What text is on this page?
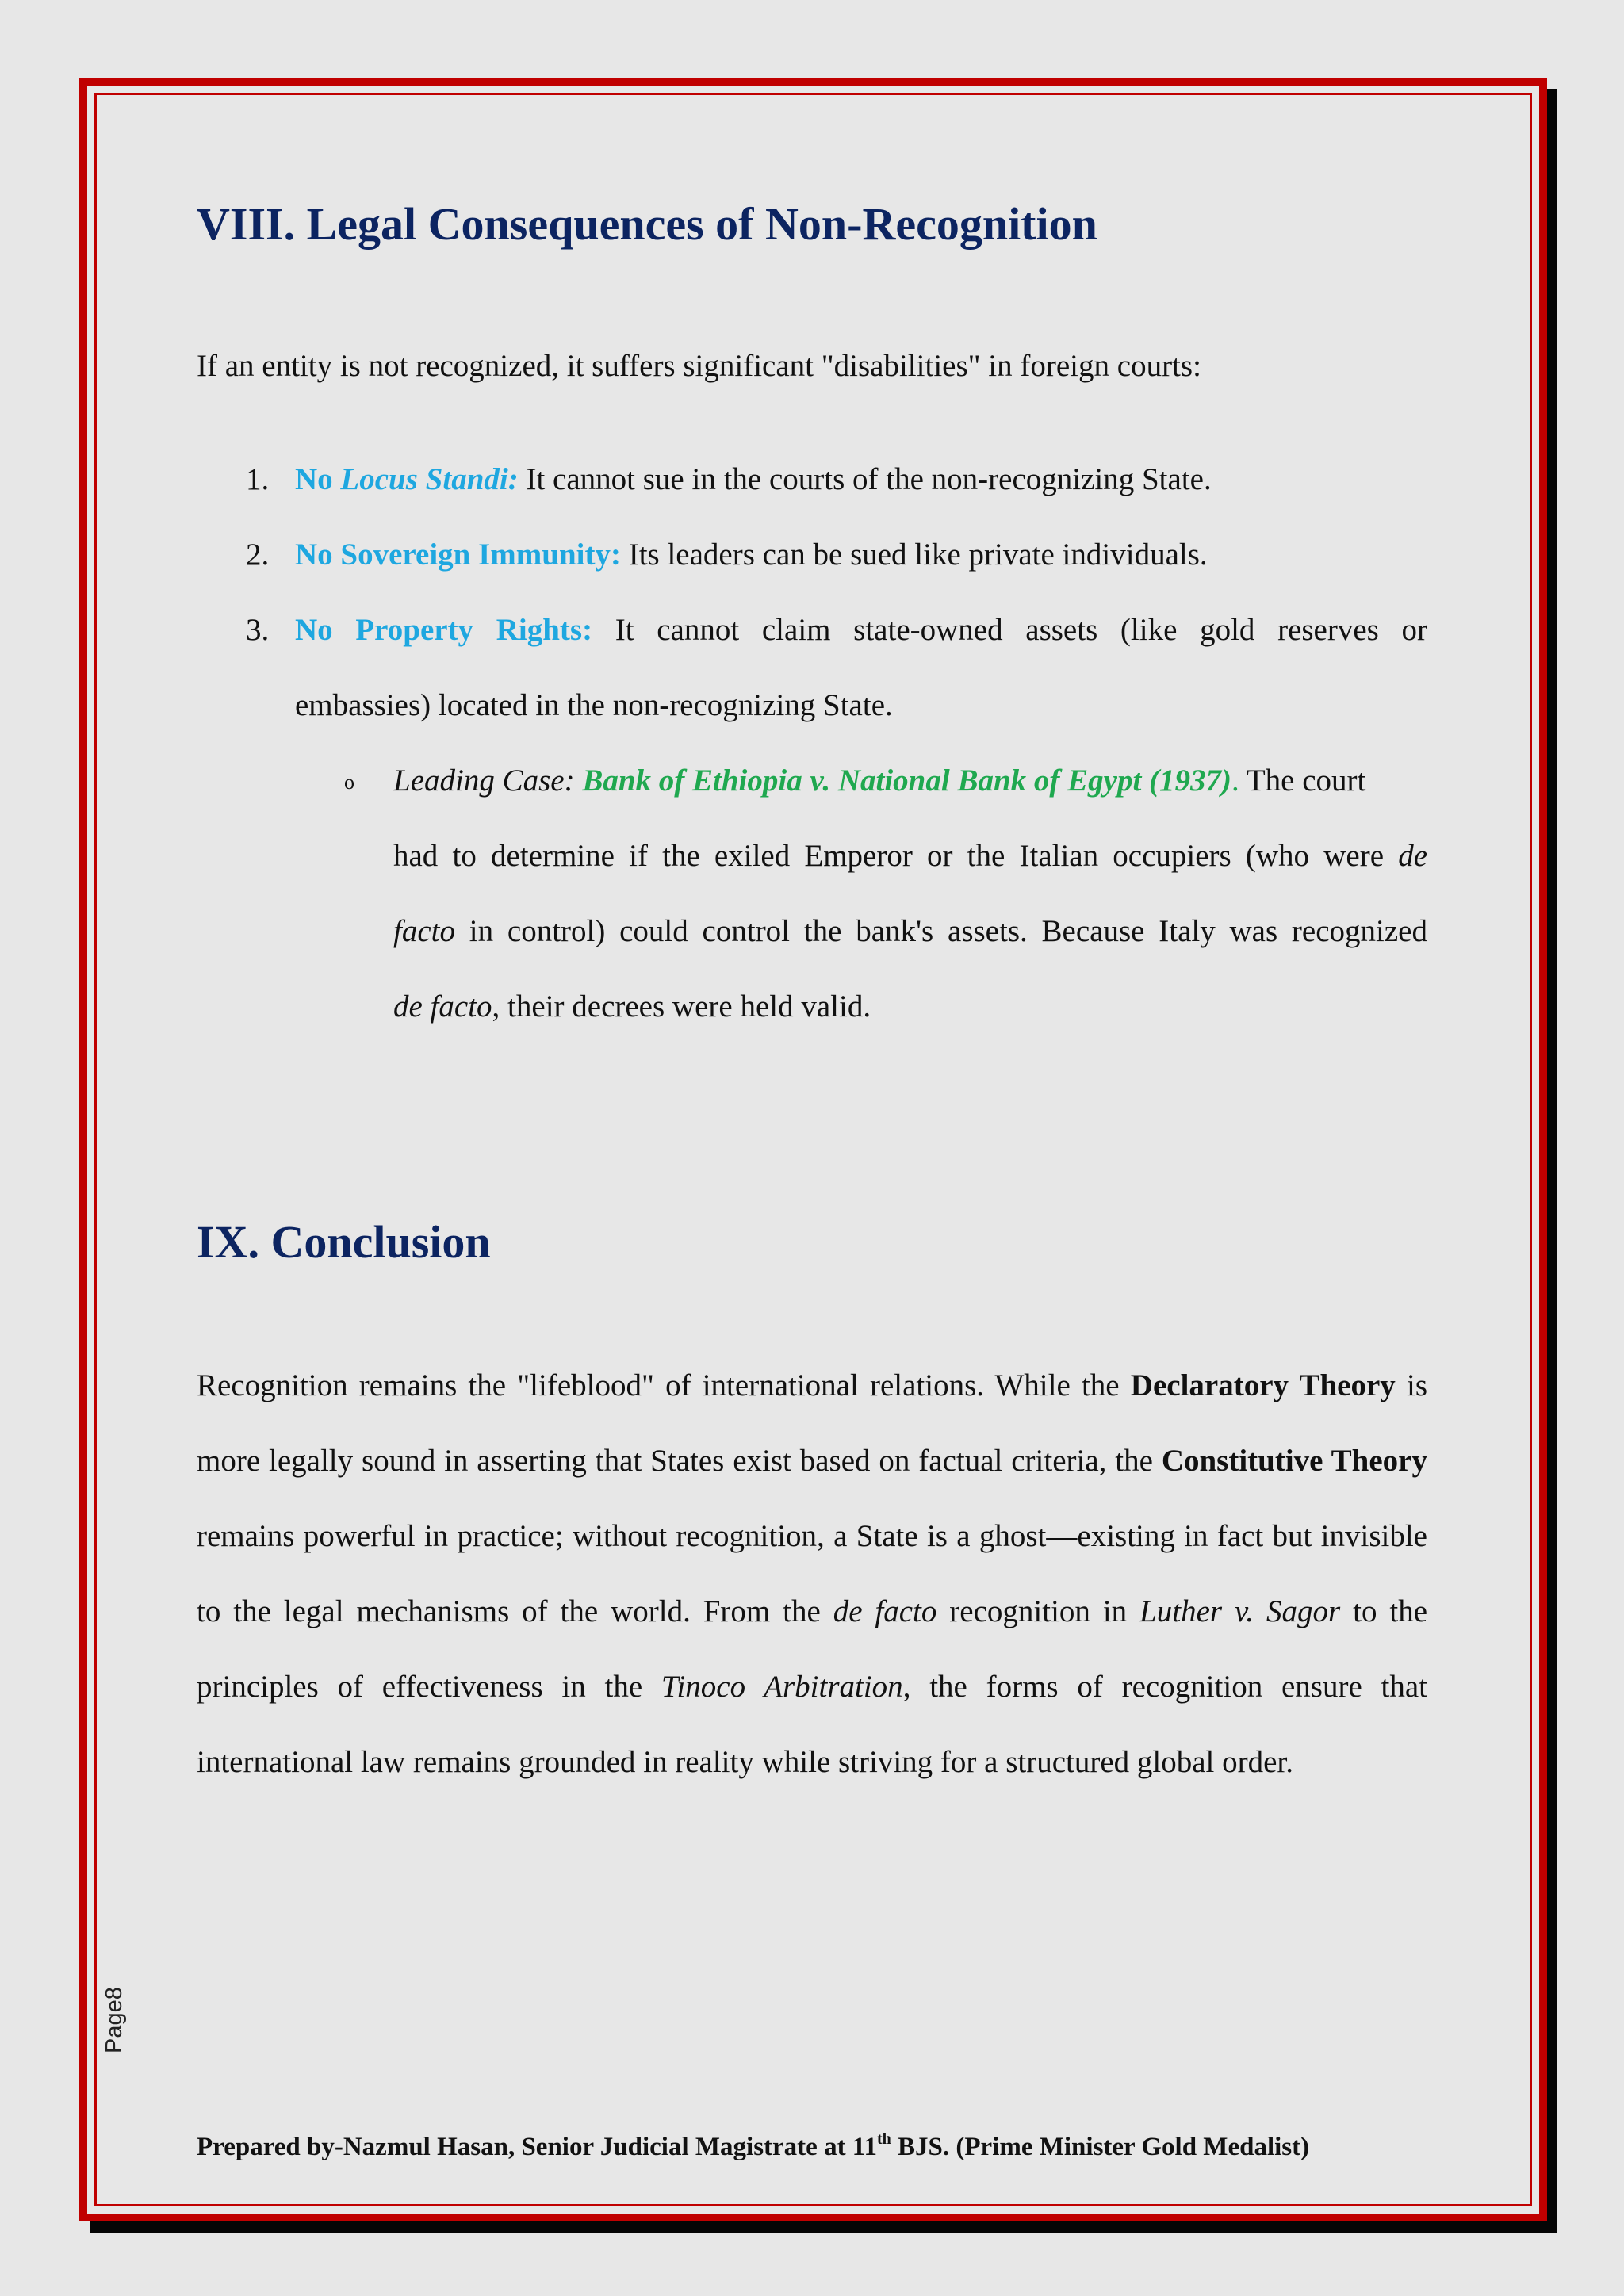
VIII. Legal Consequences of Non-Recognition
If an entity is not recognized, it suffers significant "disabilities" in foreign courts:
1. No Locus Standi: It cannot sue in the courts of the non-recognizing State.
2. No Sovereign Immunity: Its leaders can be sued like private individuals.
3. No Property Rights: It cannot claim state-owned assets (like gold reserves or
embassies) located in the non-recognizing State.
o Leading Case: Bank of Ethiopia v. National Bank of Egypt (1937). The court
had to determine if the exiled Emperor or the Italian occupiers (who were de
facto in control) could control the bank's assets. Because Italy was recognized
de facto, their decrees were held valid.
IX. Conclusion

Recognition remains the "lifeblood" of international relations. While the Declaratory Theory is more legally sound in asserting that States exist based on factual criteria, the Constitutive Theory remains powerful in practice; without recognition, a State is a ghost—existing in fact but invisible to the legal mechanisms of the world. From the de facto recognition in Luther v. Sagor to the principles of effectiveness in the Tinoco Arbitration, the forms of recognition ensure that international law remains grounded in reality while striving for a structured global order.

Page8
Prepared by-Nazmul Hasan, Senior Judicial Magistrate at 11th BJS. (Prime Minister Gold Medalist)
